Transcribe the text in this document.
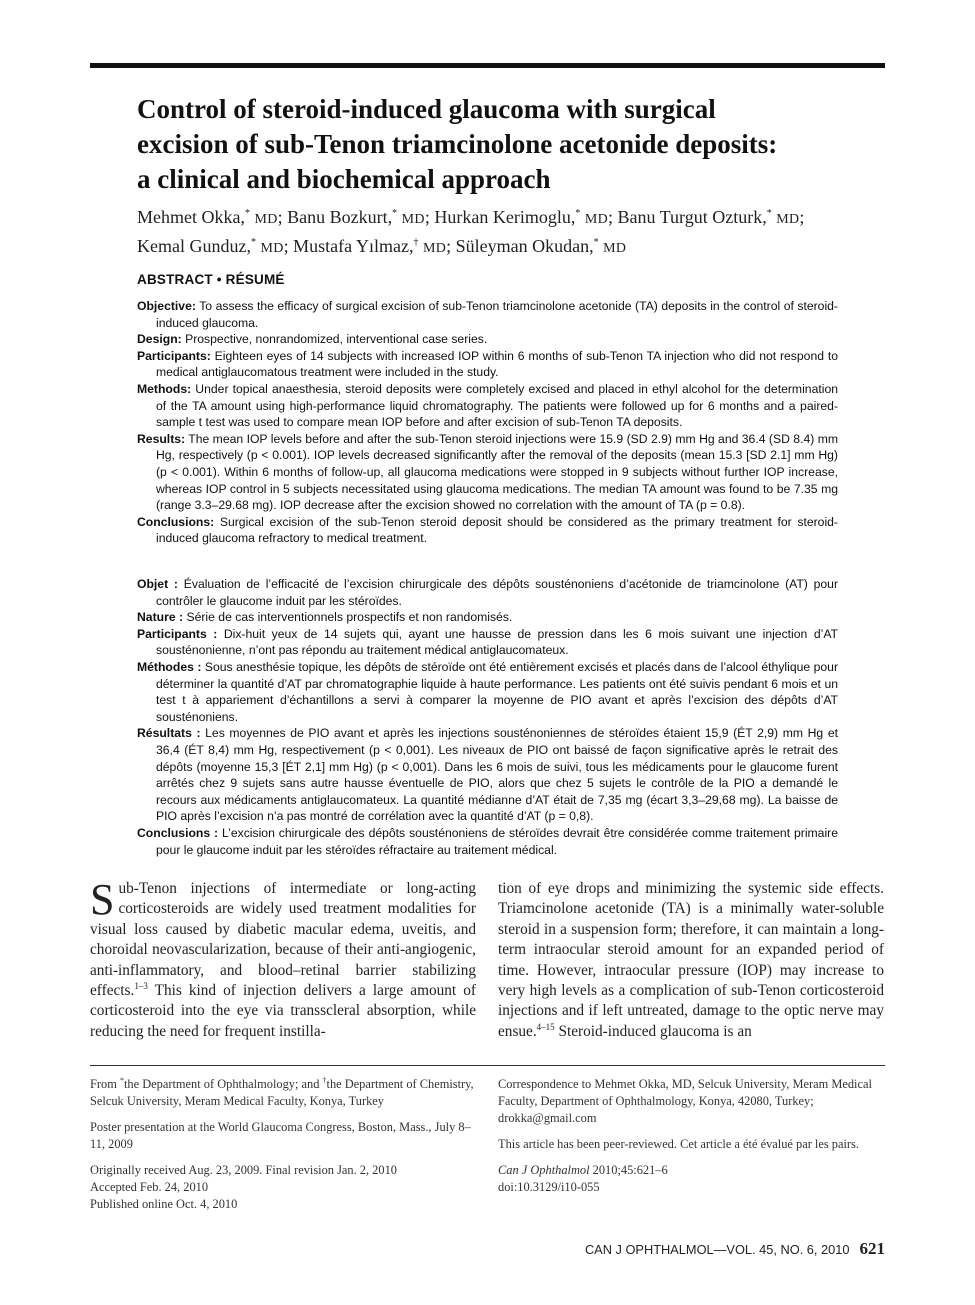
Control of steroid-induced glaucoma with surgical
excision of sub-Tenon triamcinolone acetonide deposits:
a clinical and biochemical approach
Mehmet Okka,* MD; Banu Bozkurt,* MD; Hurkan Kerimoglu,* MD; Banu Turgut Ozturk,* MD;
Kemal Gunduz,* MD; Mustafa Yılmaz,† MD; Süleyman Okudan,* MD
ABSTRACT • RÉSUMÉ

Objective: To assess the efficacy of surgical excision of sub-Tenon triamcinolone acetonide (TA) deposits in the control of steroid-induced glaucoma.

Design: Prospective, nonrandomized, interventional case series.

Participants: Eighteen eyes of 14 subjects with increased IOP within 6 months of sub-Tenon TA injection who did not respond to medical antiglaucomatous treatment were included in the study.

Methods: Under topical anaesthesia, steroid deposits were completely excised and placed in ethyl alcohol for the determination of the TA amount using high-performance liquid chromatography. The patients were followed up for 6 months and a paired-sample t test was used to compare mean IOP before and after excision of sub-Tenon TA deposits.

Results: The mean IOP levels before and after the sub-Tenon steroid injections were 15.9 (SD 2.9) mm Hg and 36.4 (SD 8.4) mm Hg, respectively (p < 0.001). IOP levels decreased significantly after the removal of the deposits (mean 15.3 [SD 2.1] mm Hg) (p < 0.001). Within 6 months of follow-up, all glaucoma medications were stopped in 9 subjects without further IOP increase, whereas IOP control in 5 subjects necessitated using glaucoma medications. The median TA amount was found to be 7.35 mg (range 3.3–29.68 mg). IOP decrease after the excision showed no correlation with the amount of TA (p = 0.8).

Conclusions: Surgical excision of the sub-Tenon steroid deposit should be considered as the primary treatment for steroid-induced glaucoma refractory to medical treatment.

Objet : Évaluation de l’efficacité de l’excision chirurgicale des dépôts sousténoniens d’acétonide de triamcinolone (AT) pour contrôler le glaucome induit par les stéroïdes.

Nature : Série de cas interventionnels prospectifs et non randomisés.

Participants : Dix-huit yeux de 14 sujets qui, ayant une hausse de pression dans les 6 mois suivant une injection d’AT sousténonienne, n’ont pas répondu au traitement médical antiglaucomateux.

Méthodes : Sous anesthésie topique, les dépôts de stéroïde ont été entièrement excisés et placés dans de l’alcool éthylique pour déterminer la quantité d’AT par chromatographie liquide à haute performance. Les patients ont été suivis pendant 6 mois et un test t à appariement d’échantillons a servi à comparer la moyenne de PIO avant et après l’excision des dépôts d’AT sousténoniens.

Résultats : Les moyennes de PIO avant et après les injections sousténoniennes de stéroïdes étaient 15,9 (ÉT 2,9) mm Hg et 36,4 (ÉT 8,4) mm Hg, respectivement (p < 0,001). Les niveaux de PIO ont baissé de façon significative après le retrait des dépôts (moyenne 15,3 [ÉT 2,1] mm Hg) (p < 0,001). Dans les 6 mois de suivi, tous les médicaments pour le glaucome furent arrêtés chez 9 sujets sans autre hausse éventuelle de PIO, alors que chez 5 sujets le contrôle de la PIO a demandé le recours aux médicaments antiglaucomateux. La quantité médianne d’AT était de 7,35 mg (écart 3,3–29,68 mg). La baisse de PIO après l’excision n’a pas montré de corrélation avec la quantité d’AT (p = 0,8).

Conclusions : L’excision chirurgicale des dépôts sousténoniens de stéroïdes devrait être considérée comme traitement primaire pour le glaucome induit par les stéroïdes réfractaire au traitement médical.

Sub-Tenon injections of intermediate or long-acting corticosteroids are widely used treatment modalities for visual loss caused by diabetic macular edema, uveitis, and choroidal neovascularization, because of their anti-angiogenic, anti-inflammatory, and blood–retinal barrier stabilizing effects.$^{1-3}$ This kind of injection delivers a large amount of corticosteroid into the eye via transscleral absorption, while reducing the need for frequent instilla-

tion of eye drops and minimizing the systemic side effects. Triamcinolone acetonide (TA) is a minimally water-soluble steroid in a suspension form; therefore, it can maintain a long-term intraocular steroid amount for an expanded period of time. However, intraocular pressure (IOP) may increase to very high levels as a complication of sub-Tenon corticosteroid injections and if left untreated, damage to the optic nerve may ensue.$^{4-15}$ Steroid-induced glaucoma is an

From *the Department of Ophthalmology; and †the Department of Chemistry, Selcuk University, Meram Medical Faculty, Konya, Turkey

Poster presentation at the World Glaucoma Congress, Boston, Mass., July 8–11, 2009

Originally received Aug. 23, 2009. Final revision Jan. 2, 2010
Accepted Feb. 24, 2010
Published online Oct. 4, 2010

Correspondence to Mehmet Okka, MD, Selcuk University, Meram Medical Faculty, Department of Ophthalmology, Konya, 42080, Turkey; drokka@gmail.com

This article has been peer-reviewed. Cet article a été évalué par les pairs.

Can J Ophthalmol 2010;45:621–6
doi:10.3129/i10-055

CAN J OPHTHALMOL—VOL. 45, NO. 6, 2010 621
